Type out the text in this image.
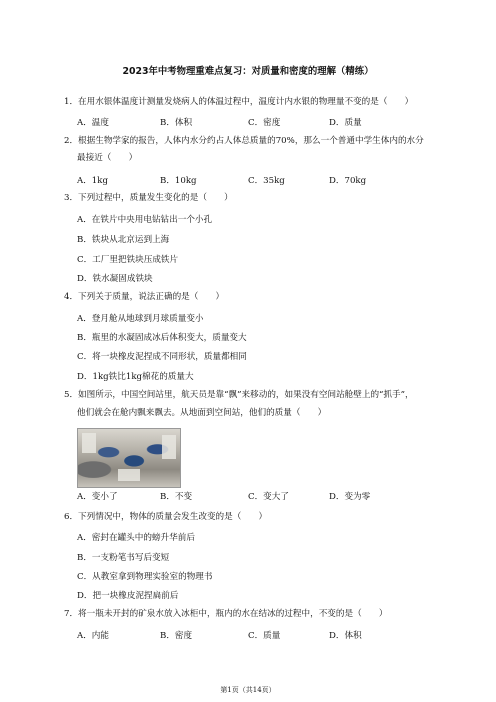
2023年中考物理重难点复习：对质量和密度的理解（精练）
1．在用水银体温度计测量发烧病人的体温过程中，温度计内水银的物理量不变的是（　　）
A．温度	B．体积	C．密度	D．质量
2．根据生物学家的报告，人体内水分约占人体总质量的70%，那么一个普通中学生体内的水分
最接近（　　）
A．1kg	B．10kg	C．35kg	D．70kg
3．下列过程中，质量发生变化的是（　　）
A．在铁片中央用电钻钻出一个小孔
B．铁块从北京运到上海
C．工厂里把铁块压成铁片
D．铁水凝固成铁块
4．下列关于质量，说法正确的是（　　）
A．登月舱从地球到月球质量变小
B．瓶里的水凝固成冰后体积变大，质量变大
C．将一块橡皮泥捏成不同形状，质量都相同
D．1kg铁比1kg棉花的质量大
5．如图所示，中国空间站里，航天员是靠“飘”来移动的，如果没有空间站舱壁上的“抓手”，
他们就会在舱内飘来飘去。从地面到空间站，他们的质量（　　）
A．变小了	B．不变	C．变大了	D．变为零
6．下列情况中，物体的质量会发生改变的是（　　）
A．密封在罐头中的螃升华前后
B．一支粉笔书写后变短
C．从教室拿到物理实验室的物理书
D．把一块橡皮泥捏扁前后
7．将一瓶未开封的矿泉水放入冰柜中，瓶内的水在结冰的过程中，不变的是（　　）
A．内能	B．密度	C．质量	D．体积
第1页（共14页）
